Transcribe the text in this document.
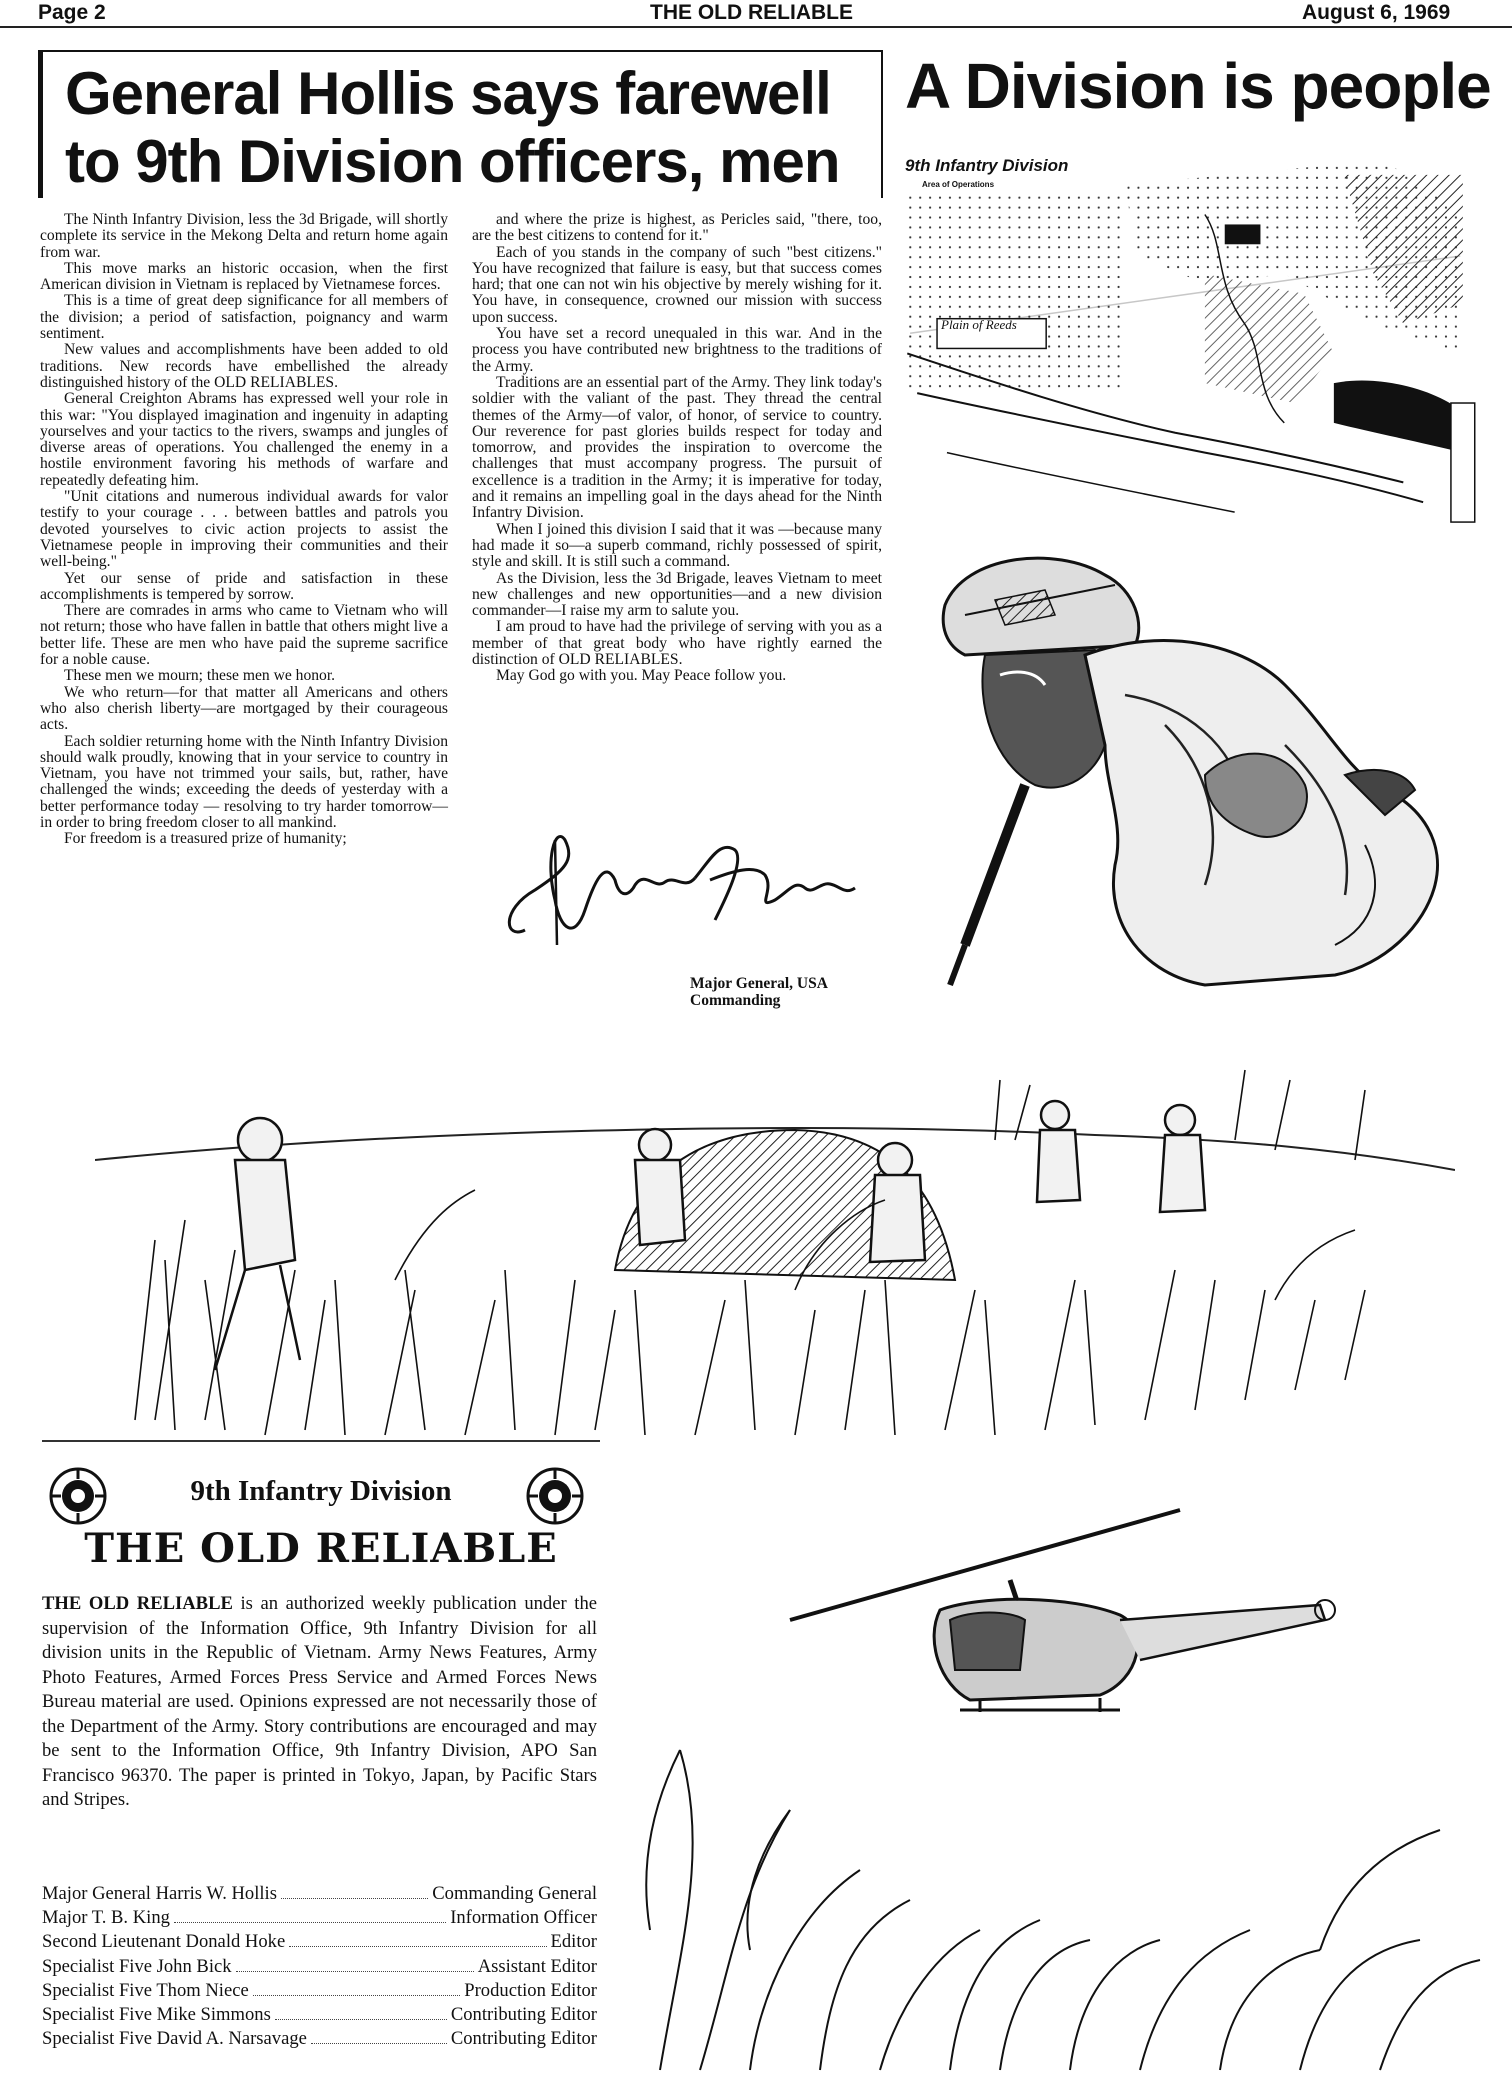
Page 2	THE OLD RELIABLE	August 6, 1969
General Hollis says farewell
to 9th Division officers, men
A Division is people

The Ninth Infantry Division, less the 3d Brigade, will shortly complete its service in the Mekong Delta and return home again from war.

This move marks an historic occasion, when the first American division in Vietnam is replaced by Vietnamese forces.

This is a time of great deep significance for all members of the division; a period of satisfaction, poignancy and warm sentiment.

New values and accomplishments have been added to old traditions. New records have embellished the already distinguished history of the OLD RELIABLES.

General Creighton Abrams has expressed well your role in this war: "You displayed imagination and ingenuity in adapting yourselves and your tactics to the rivers, swamps and jungles of diverse areas of operations. You challenged the enemy in a hostile environment favoring his methods of warfare and repeatedly defeating him.

"Unit citations and numerous individual awards for valor testify to your courage . . . between battles and patrols you devoted yourselves to civic action projects to assist the Vietnamese people in improving their communities and their well-being."

Yet our sense of pride and satisfaction in these accomplishments is tempered by sorrow.

There are comrades in arms who came to Vietnam who will not return; those who have fallen in battle that others might live a better life. These are men who have paid the supreme sacrifice for a noble cause.

These men we mourn; these men we honor.

We who return—for that matter all Americans and others who also cherish liberty—are mortgaged by their courageous acts.

Each soldier returning home with the Ninth Infantry Division should walk proudly, knowing that in your service to country in Vietnam, you have not trimmed your sails, but, rather, have challenged the winds; exceeding the deeds of yesterday with a better performance today — resolving to try harder tomorrow—in order to bring freedom closer to all mankind.

For freedom is a treasured prize of humanity;

and where the prize is highest, as Pericles said, "there, too, are the best citizens to contend for it."

Each of you stands in the company of such "best citizens." You have recognized that failure is easy, but that success comes hard; that one can not win his objective by merely wishing for it. You have, in consequence, crowned our mission with success upon success.

You have set a record unequaled in this war. And in the process you have contributed new brightness to the traditions of the Army.

Traditions are an essential part of the Army. They link today's soldier with the valiant of the past. They thread the central themes of the Army—of valor, of honor, of service to country. Our reverence for past glories builds respect for today and tomorrow, and provides the inspiration to overcome the challenges that must accompany progress. The pursuit of excellence is a tradition in the Army; it is imperative for today, and it remains an impelling goal in the days ahead for the Ninth Infantry Division.

When I joined this division I said that it was —because many had made it so—a superb command, richly possessed of spirit, style and skill. It is still such a command.

As the Division, less the 3d Brigade, leaves Vietnam to meet new challenges and new opportunities—and a new division commander—I raise my arm to salute you.

I am proud to have had the privilege of serving with you as a member of that great body who have rightly earned the distinction of OLD RELIABLES.

May God go with you. May Peace follow you.

Major General, USA
Commanding
9th Infantry Division
Area of Operations
Plain of Reeds
9th Infantry Division
THE OLD RELIABLE
THE OLD RELIABLE is an authorized weekly publication under the supervision of the Information Office, 9th Infantry Division for all division units in the Republic of Vietnam. Army News Features, Army Photo Features, Armed Forces Press Service and Armed Forces News Bureau material are used. Opinions expressed are not necessarily those of the Department of the Army. Story contributions are encouraged and may be sent to the Information Office, 9th Infantry Division, APO San Francisco 96370. The paper is printed in Tokyo, Japan, by Pacific Stars and Stripes.
Major General Harris W. Hollis	Commanding General
Major T. B. King	Information Officer
Second Lieutenant Donald Hoke	Editor
Specialist Five John Bick	Assistant Editor
Specialist Five Thom Niece	Production Editor
Specialist Five Mike Simmons	Contributing Editor
Specialist Five David A. Narsavage	Contributing Editor
